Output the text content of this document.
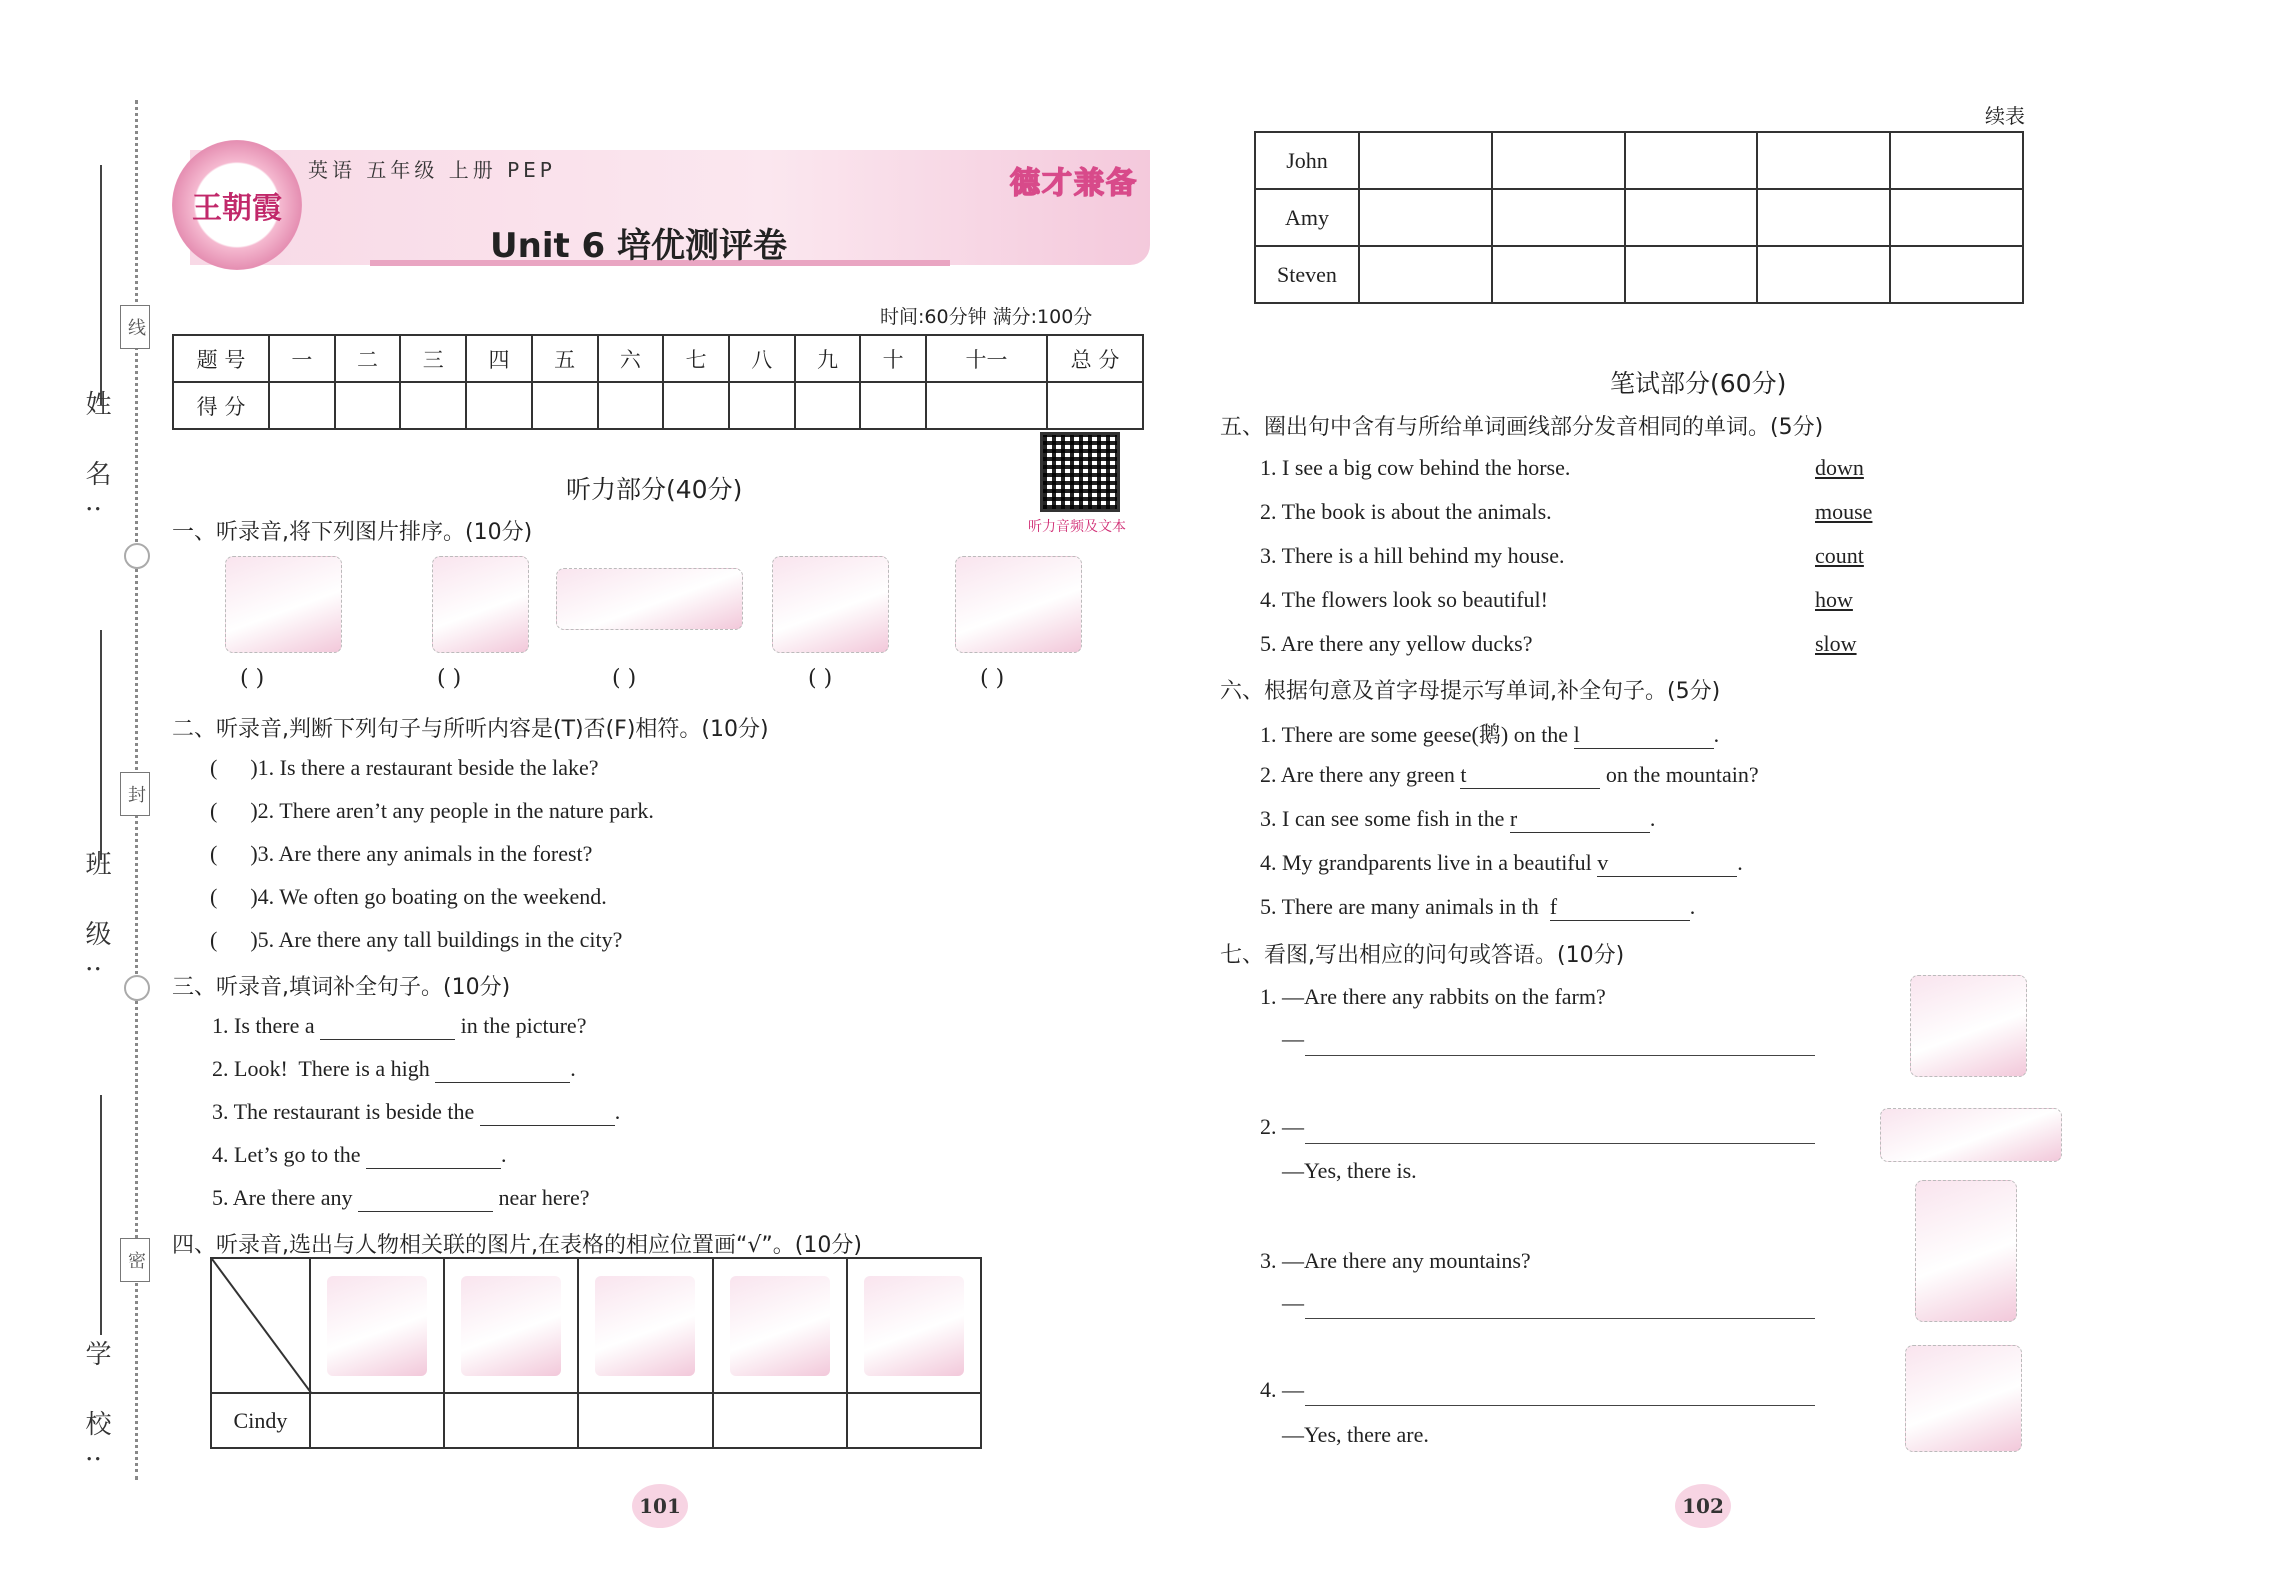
姓 名:
班 级:
学 校:
线
封
密
王朝霞
英语 五年级 上册 PEP
Unit 6 培优测评卷
德才兼备
时间:60分钟 满分:100分
题 号	一	二	三	四	五	六	七	八	九	十	十一	总 分
得 分												
听力音频及文本
听力部分(40分)
一、听录音,将下列图片排序。(10分)
( )	( )	( )	( )	( )
二、听录音,判断下列句子与所听内容是(T)否(F)相符。(10分)
(      )1. Is there a restaurant beside the lake?
(      )2. There aren’t any people in the nature park.
(      )3. Are there any animals in the forest?
(      )4. We often go boating on the weekend.
(      )5. Are there any tall buildings in the city?
三、听录音,填词补全句子。(10分)
1. Is there a	in the picture?
2. Look!  There is a high	.
3. The restaurant is beside the	.
4. Let’s go to the	.
5. Are there any	near here?
四、听录音,选出与人物相关联的图片,在表格的相应位置画“√”。(10分)

Cindy					
101
续表
John					
Amy					
Steven					
笔试部分(60分)
五、圈出句中含有与所给单词画线部分发音相同的单词。(5分)
1. I see a big cow behind the horse.	down
2. The book is about the animals.	mouse
3. There is a hill behind my house.	count
4. The flowers look so beautiful!	how
5. Are there any yellow ducks?	slow
六、根据句意及首字母提示写单词,补全句子。(5分)
1. There are some geese(鹅) on the l	.
2. Are there any green t	on the mountain?
3. I can see some fish in the r	.
4. My grandparents live in a beautiful v	.
5. There are many animals in th  f	.
七、看图,写出相应的问句或答语。(10分)
1. —Are there any rabbits on the farm?
—
2. —
—Yes, there is.
3. —Are there any mountains?
—
4. —
—Yes, there are.
102
